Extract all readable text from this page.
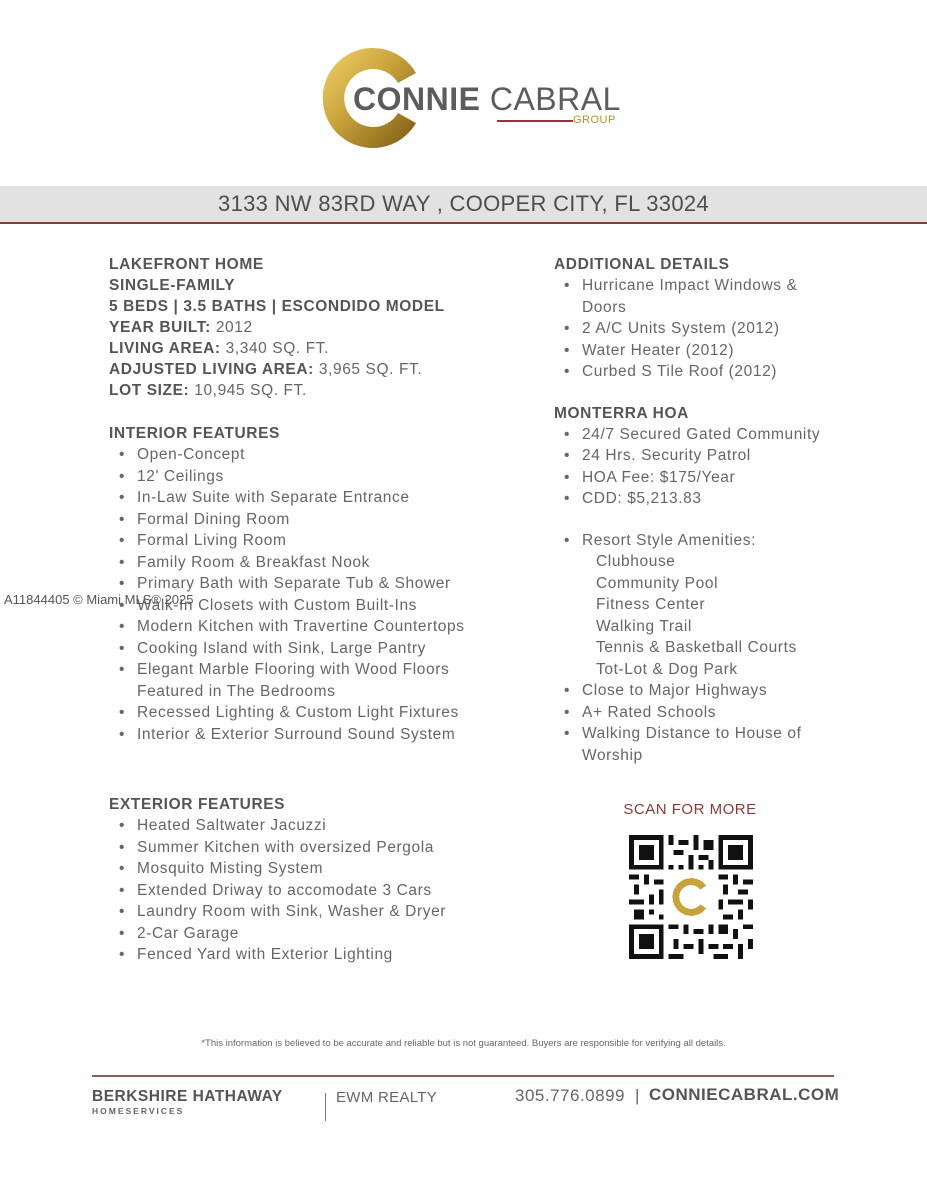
CONNIE CABRAL
GROUP
3133 NW 83RD WAY , COOPER CITY, FL 33024
LAKEFRONT HOME
SINGLE-FAMILY
5 BEDS | 3.5 BATHS | ESCONDIDO MODEL
YEAR BUILT: 2012
LIVING AREA: 3,340 SQ. FT.
ADJUSTED LIVING AREA: 3,965 SQ. FT.
LOT SIZE: 10,945 SQ. FT.
INTERIOR FEATURES
• Open-Concept
• 12' Ceilings
• In-Law Suite with Separate Entrance
• Formal Dining Room
• Formal Living Room
• Family Room & Breakfast Nook
• Primary Bath with Separate Tub & Shower
• Walk-In Closets with Custom Built-Ins
• Modern Kitchen with Travertine Countertops
• Cooking Island with Sink, Large Pantry
• Elegant Marble Flooring with Wood Floors Featured in The Bedrooms
• Recessed Lighting & Custom Light Fixtures
• Interior & Exterior Surround Sound System
EXTERIOR FEATURES
• Heated Saltwater Jacuzzi
• Summer Kitchen with oversized Pergola
• Mosquito Misting System
• Extended Driway to accomodate 3 Cars
• Laundry Room with Sink, Washer & Dryer
• 2-Car Garage
• Fenced Yard with Exterior Lighting
ADDITIONAL DETAILS
• Hurricane Impact Windows & Doors
• 2 A/C Units System (2012)
• Water Heater (2012)
• Curbed S Tile Roof (2012)
MONTERRA HOA
• 24/7 Secured Gated Community
• 24 Hrs. Security Patrol
• HOA Fee: $175/Year
• CDD: $5,213.83
• Resort Style Amenities:
Clubhouse
Community Pool
Fitness Center
Walking Trail
Tennis & Basketball Courts
Tot-Lot & Dog Park
• Close to Major Highways
• A+ Rated Schools
• Walking Distance to House of Worship
A11844405 © Miami MLS® 2025
SCAN FOR MORE
*This information is believed to be accurate and reliable but is not guaranteed. Buyers are responsible for verifying all details.
BERKSHIRE HATHAWAY
HOMESERVICES
EWM REALTY	305.776.0899 | CONNIECABRAL.COM
